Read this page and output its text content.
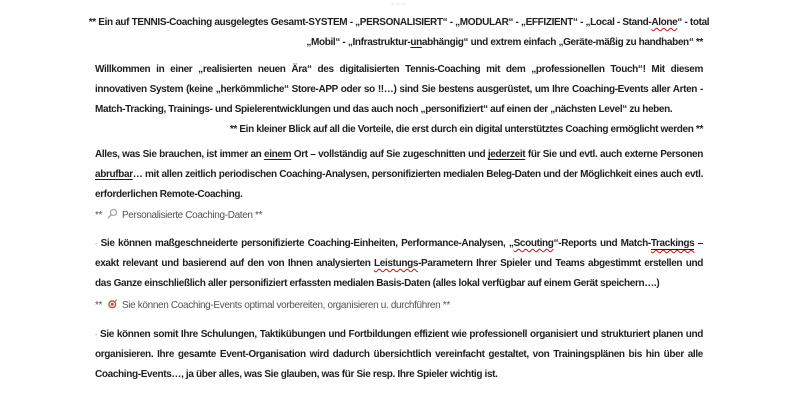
***

** Ein auf TENNIS-Coaching ausgelegtes Gesamt-SYSTEM - „PERSONALISIERT“ - „MODULAR“ - „EFFIZIENT“ - „Local - Stand-Alone“ - total

„Mobil“ - „Infrastruktur-unabhängig“ und extrem einfach „Geräte-mäßig zu handhaben“ **

Willkommen in einer „realisierten neuen Ära“ des digitalisierten Tennis-Coaching mit dem „professionellen Touch“! Mit diesem innovativen System (keine „herkömmliche“ Store-APP oder so !!…) sind Sie bestens ausgerüstet, um Ihre Coaching-Events aller Arten - Match-Tracking, Trainings- und Spielerentwicklungen und das auch noch „personifiziert“ auf einen der „nächsten Level“ zu heben.

** Ein kleiner Blick auf all die Vorteile, die erst durch ein digital unterstütztes Coaching ermöglicht werden **

Alles, was Sie brauchen, ist immer an einem Ort – vollständig auf Sie zugeschnitten und jederzeit für Sie und evtl. auch externe Personen abrufbar… mit allen zeitlich periodischen Coaching-Analysen, personifizierten medialen Beleg-Daten und der Möglichkeit eines auch evtl. erforderlichen Remote-Coaching.

**  Personalisierte Coaching-Daten **

- Sie können maßgeschneiderte personifizierte Coaching-Einheiten, Performance-Analysen, „Scouting“-Reports und Match-Trackings – exakt relevant und basierend auf den von Ihnen analysierten Leistungs-Parametern Ihrer Spieler und Teams abgestimmt erstellen und das Ganze einschließlich aller personifiziert erfassten medialen Basis-Daten (alles lokal verfügbar auf einem Gerät speichern….)

**  Sie können Coaching-Events optimal vorbereiten, organisieren u. durchführen **

- Sie können somit Ihre Schulungen, Taktikübungen und Fortbildungen effizient wie professionell organisiert und strukturiert planen und organisieren. Ihre gesamte Event-Organisation wird dadurch übersichtlich vereinfacht gestaltet, von Trainingsplänen bis hin über alle Coaching-Events…, ja über alles, was Sie glauben, was für Sie resp. Ihre Spieler wichtig ist.
